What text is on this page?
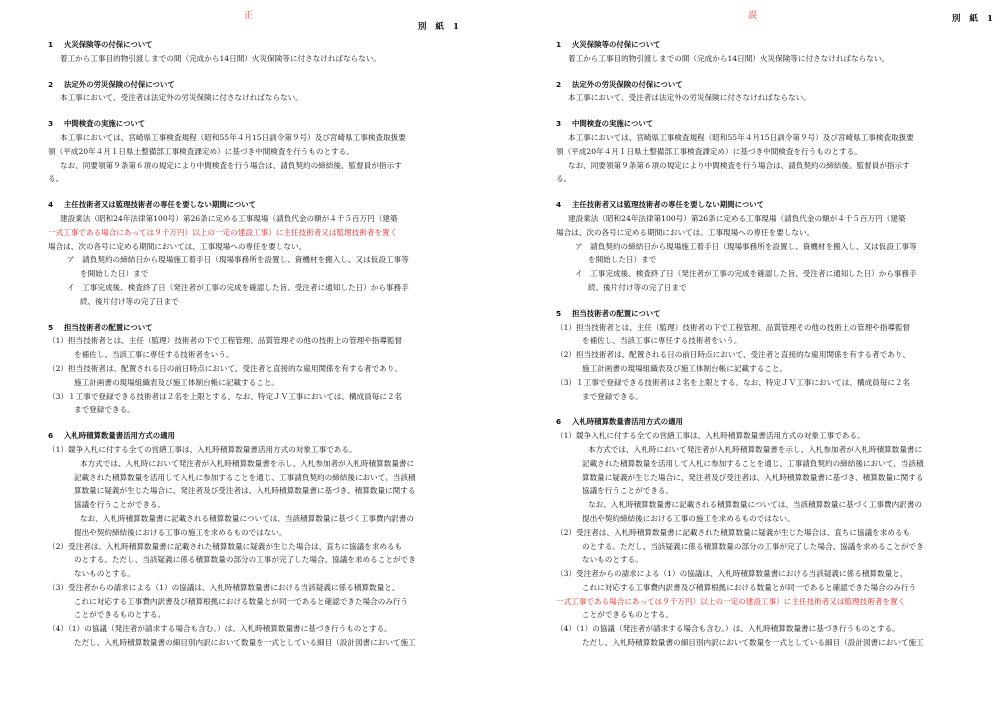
正
別 紙 1
1	火災保険等の付保について
着工から工事目的物引渡しまでの間（完成から14日間）火災保険等に付さなければならない。
2	法定外の労災保険の付保について
本工事において、受注者は法定外の労災保険に付さなければならない。
3	中間検査の実施について
本工事においては、宮崎県工事検査規程（昭和55年４月15日訓令第９号）及び宮崎県工事検査取扱要
領（平成20年４月１日県土整備部工事検査課定め）に基づき中間検査を行うものとする。
なお、同要領第９条第６項の規定により中間検査を行う場合は、請負契約の締結後、監督員が指示す
る。
4	主任技術者又は監理技術者の専任を要しない期間について
建設業法（昭和24年法律第100号）第26条に定める工事現場（請負代金の額が４千５百万円（建築
一式工事である場合にあっては９千万円）以上の一定の建設工事）に主任技術者又は監理技術者を置く
場合は、次の各号に定める期間においては、工事現場への専任を要しない。
ア　請負契約の締結日から現場施工着手日（現場事務所を設置し、資機材を搬入し、又は仮設工事等
を開始した日）まで
イ　工事完成後、検査終了日（発注者が工事の完成を確認した旨、受注者に通知した日）から事務手
続、後片付け等の完了日まで
5	担当技術者の配置について
（1）担当技術者とは、主任（監理）技術者の下で工程管理、品質管理その他の技術上の管理や指導監督
を補佐し、当該工事に専任する技術者をいう。
（2）担当技術者は、配置される日の前日時点において、受注者と直接的な雇用関係を有する者であり、
施工計画書の現場組織表及び施工体制台帳に記載すること。
（3）１工事で登録できる技術者は２名を上限とする。なお、特定ＪＶ工事においては、構成員毎に２名
まで登録できる。
6	入札時積算数量書活用方式の適用
（1）競争入札に付する全ての営繕工事は、入札時積算数量書活用方式の対象工事である。
本方式では、入札時において発注者が入札時積算数量書を示し、入札参加者が入札時積算数量書に
記載された積算数量を活用して入札に参加することを通じ、工事請負契約の締結後において、当該積
算数量に疑義が生じた場合に、発注者及び受注者は、入札時積算数量書に基づき、積算数量に関する
協議を行うことができる。
なお、入札時積算数量書に記載される積算数量については、当該積算数量に基づく工事費内訳書の
提出や契約締結後における工事の施工を求めるものではない。
（2）受注者は、入札時積算数量書に記載された積算数量に疑義が生じた場合は、直ちに協議を求めるも
のとする。ただし、当該疑義に係る積算数量の部分の工事が完了した場合、協議を求めることができ
ないものとする。
（3）受注者からの請求による（1）の協議は、入札時積算数量書における当該疑義に係る積算数量と、
これに対応する工事費内訳書及び積算根拠における数量とが同一であると確認できた場合のみ行う
ことができるものとする。
（4）（1）の協議（発注者が請求する場合も含む。）は、入札時積算数量書に基づき行うものとする。
ただし、入札時積算数量書の細目別内訳において数量を一式としている細目（設計図書において施工
誤	別 紙 1
1	火災保険等の付保について
着工から工事目的物引渡しまでの間（完成から14日間）火災保険等に付さなければならない。
2	法定外の労災保険の付保について
本工事において、受注者は法定外の労災保険に付さなければならない。
3	中間検査の実施について
本工事においては、宮崎県工事検査規程（昭和55年４月15日訓令第９号）及び宮崎県工事検査取扱要
領（平成20年４月１日県土整備部工事検査課定め）に基づき中間検査を行うものとする。
なお、同要領第９条第６項の規定により中間検査を行う場合は、請負契約の締結後、監督員が指示す
る。
4	主任技術者又は監理技術者の専任を要しない期間について
建設業法（昭和24年法律第100号）第26条に定める工事現場（請負代金の額が４千５百万円（建築
場合は、次の各号に定める期間においては、工事現場への専任を要しない。
ア　請負契約の締結日から現場施工着手日（現場事務所を設置し、資機材を搬入し、又は仮設工事等
を開始した日）まで
イ　工事完成後、検査終了日（発注者が工事の完成を確認した旨、受注者に通知した日）から事務手
続、後片付け等の完了日まで
5	担当技術者の配置について
（1）担当技術者とは、主任（監理）技術者の下で工程管理、品質管理その他の技術上の管理や指導監督
を補佐し、当該工事に専任する技術者をいう。
（2）担当技術者は、配置される日の前日時点において、受注者と直接的な雇用関係を有する者であり、
施工計画書の現場組織表及び施工体制台帳に記載すること。
（3）１工事で登録できる技術者は２名を上限とする。なお、特定ＪＶ工事においては、構成員毎に２名
まで登録できる。
6	入札時積算数量書活用方式の適用
（1）競争入札に付する全ての営繕工事は、入札時積算数量書活用方式の対象工事である。
本方式では、入札時において発注者が入札時積算数量書を示し、入札参加者が入札時積算数量書に
記載された積算数量を活用して入札に参加することを通じ、工事請負契約の締結後において、当該積
算数量に疑義が生じた場合に、発注者及び受注者は、入札時積算数量書に基づき、積算数量に関する
協議を行うことができる。
なお、入札時積算数量書に記載される積算数量については、当該積算数量に基づく工事費内訳書の
提出や契約締結後における工事の施工を求めるものではない。
（2）受注者は、入札時積算数量書に記載された積算数量に疑義が生じた場合は、直ちに協議を求めるも
のとする。ただし、当該疑義に係る積算数量の部分の工事が完了した場合、協議を求めることができ
ないものとする。
（3）受注者からの請求による（1）の協議は、入札時積算数量書における当該疑義に係る積算数量と、
これに対応する工事費内訳書及び積算根拠における数量とが同一であると確認できた場合のみ行う
一式工事である場合にあっては９千万円）以上の一定の建設工事）に主任技術者又は監理技術者を置く
ことができるものとする。
（4）（1）の協議（発注者が請求する場合も含む。）は、入札時積算数量書に基づき行うものとする。
ただし、入札時積算数量書の細目別内訳において数量を一式としている細目（設計図書において施工
